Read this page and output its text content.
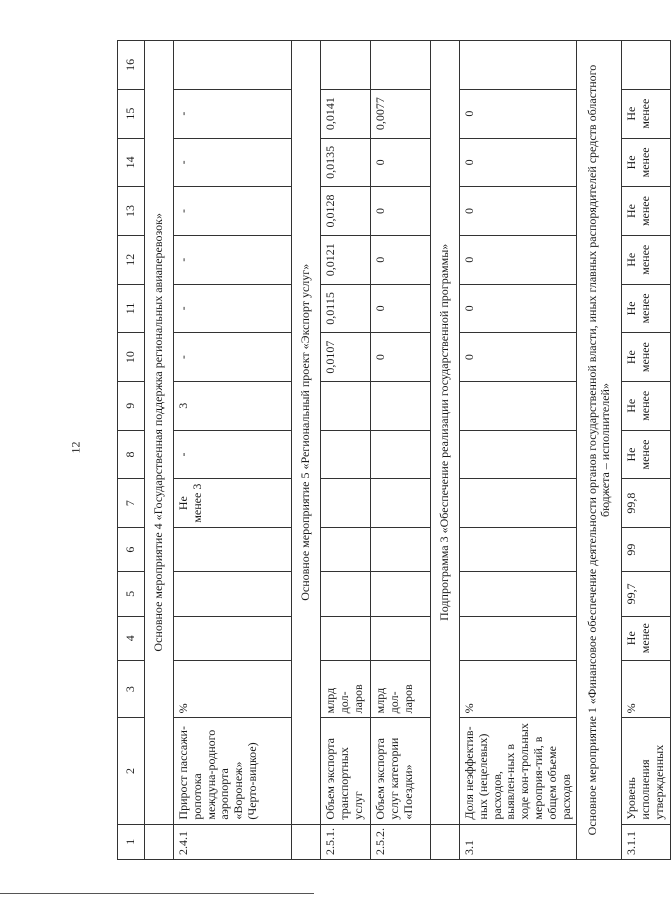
12
1	2	3	4	5	6	7	8	9	10	11	12	13	14	15	16
	Основное мероприятие 4 «Государственная поддержка региональных авиаперевозок»														
2.4.1	Прирост пассажи-ропотока междуна-родного аэропорта «Воронеж» (Черто-вицкое)	%				Не менее 3	-	3	-	-	-	-	-	-	
	Основное мероприятие 5 «Региональный проект «Экспорт услуг»														
2.5.1.	Объем экспорта транспортных услуг	млрд дол-ларов							0,0107	0,0115	0,0121	0,0128	0,0135	0,0141	
2.5.2.	Объем экспорта услуг категории «Поездки»	млрд дол-ларов							0	0	0	0	0	0,0077	
	Подпрограмма 3 «Обеспечение реализации государственной программы»														
3.1	Доля неэффектив-ных (нецелевых) расходов, выявлен-ных в ходе кон-трольных мероприя-тий, в общем объеме расходов	%							0	0	0	0	0	0	
Основное мероприятие 1 «Финансовое обеспечение деятельности органов государственной власти, иных главных распорядителей средств областного бюджета – исполнителей»															
3.1.1	Уровень исполнения утвержденных	%	Не менее	99,7	99	99,8	Не менее	Не менее	Не менее	Не менее	Не менее	Не менее	Не менее	Не менее	
